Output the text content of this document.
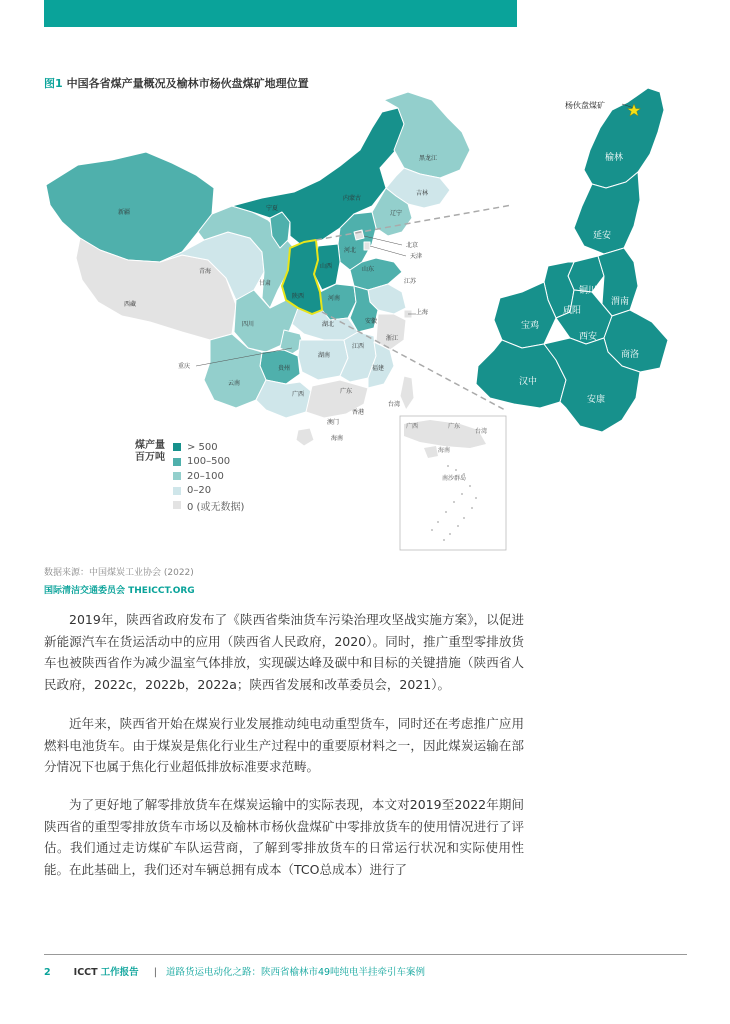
图1 中国各省煤产量概况及榆林市杨伙盘煤矿地理位置
新疆
西藏
青海
甘肃
宁夏
内蒙古
黑龙江
吉林
辽宁
北京
天津
河北
山西	山东
陕西	河南
江苏
上海
安徽
浙江
湖北
四川
重庆	贵州
云南
湖南
江西
福建
广西	广东
台湾
香港
澳门
海南
广西	广东
台湾
海南
南沙群岛
杨伙盘煤矿
榆林
延安
铜川
渭南
咸阳
宝鸡
西安
商洛
汉中
安康
煤产量 百万吨
> 500
100–500
20–100
0–20
0 (或无数据)
数据来源：中国煤炭工业协会 (2022)
国际清洁交通委员会 THEICCT.ORG

2019年，陕西省政府发布了《陕西省柴油货车污染治理攻坚战实施方案》，以促进新能源汽车在货运活动中的应用（陕西省人民政府，2020）。同时，推广重型零排放货车也被陕西省作为减少温室气体排放，实现碳达峰及碳中和目标的关键措施（陕西省人民政府，2022c，2022b，2022a；陕西省发展和改革委员会，2021）。

近年来，陕西省开始在煤炭行业发展推动纯电动重型货车，同时还在考虑推广应用燃料电池货车。由于煤炭是焦化行业生产过程中的重要原材料之一，因此煤炭运输在部分情况下也属于焦化行业超低排放标准要求范畴。

为了更好地了解零排放货车在煤炭运输中的实际表现，本文对2019至2022年期间陕西省的重型零排放货车市场以及榆林市杨伙盘煤矿中零排放货车的使用情况进行了评估。我们通过走访煤矿车队运营商，了解到零排放货车的日常运行状况和实际使用性能。在此基础上，我们还对车辆总拥有成本（TCO总成本）进行了

2 ICCT 工作报告 | 道路货运电动化之路：陕西省榆林市49吨纯电半挂牵引车案例
